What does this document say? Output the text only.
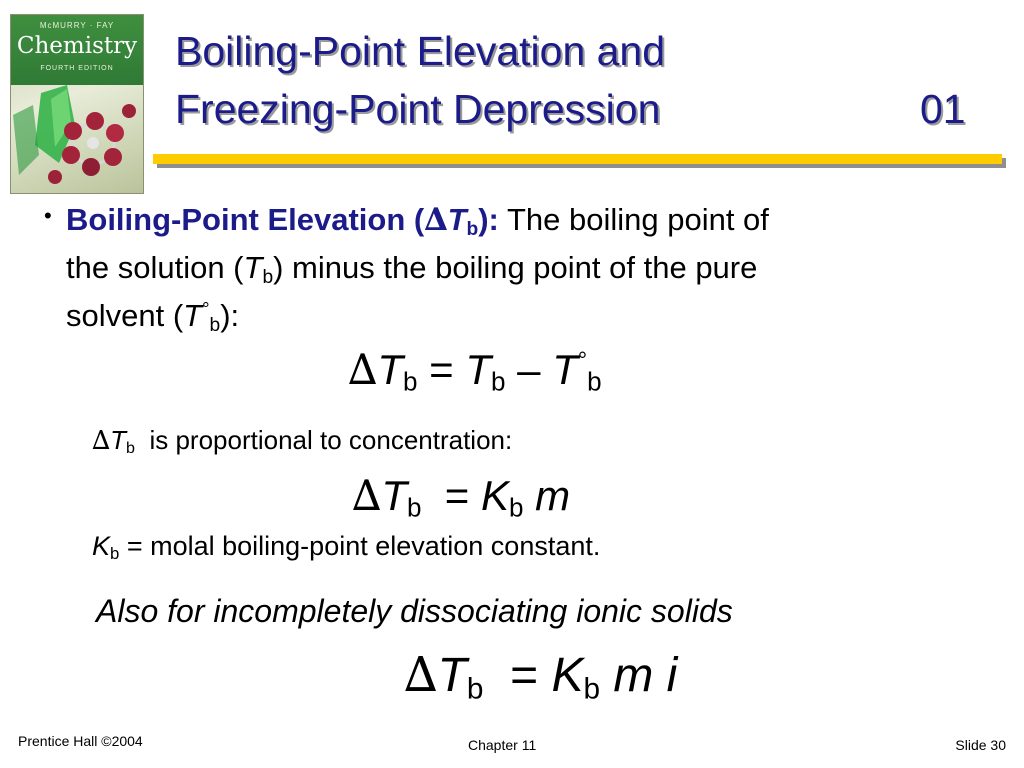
McMURRY · FAY
Chemistry
FOURTH EDITION	Boiling-Point Elevation and
Freezing-Point Depression	01
• Boiling-Point Elevation $(\Delta T_b)$: The boiling point of
the solution $(T_b)$ minus the boiling point of the pure
solvent $(T^\circ_b)$:
$\Delta T_b = T_b - T^\circ_b$
$\Delta T_b$  is proportional to concentration:
$\Delta T_b = K_b$ m
$K_b$ = molal boiling-point elevation constant.
Also for incompletely dissociating ionic solids
$\Delta T_b = K_b$ m i
Prentice Hall ©2004	Chapter 11	Slide 30
